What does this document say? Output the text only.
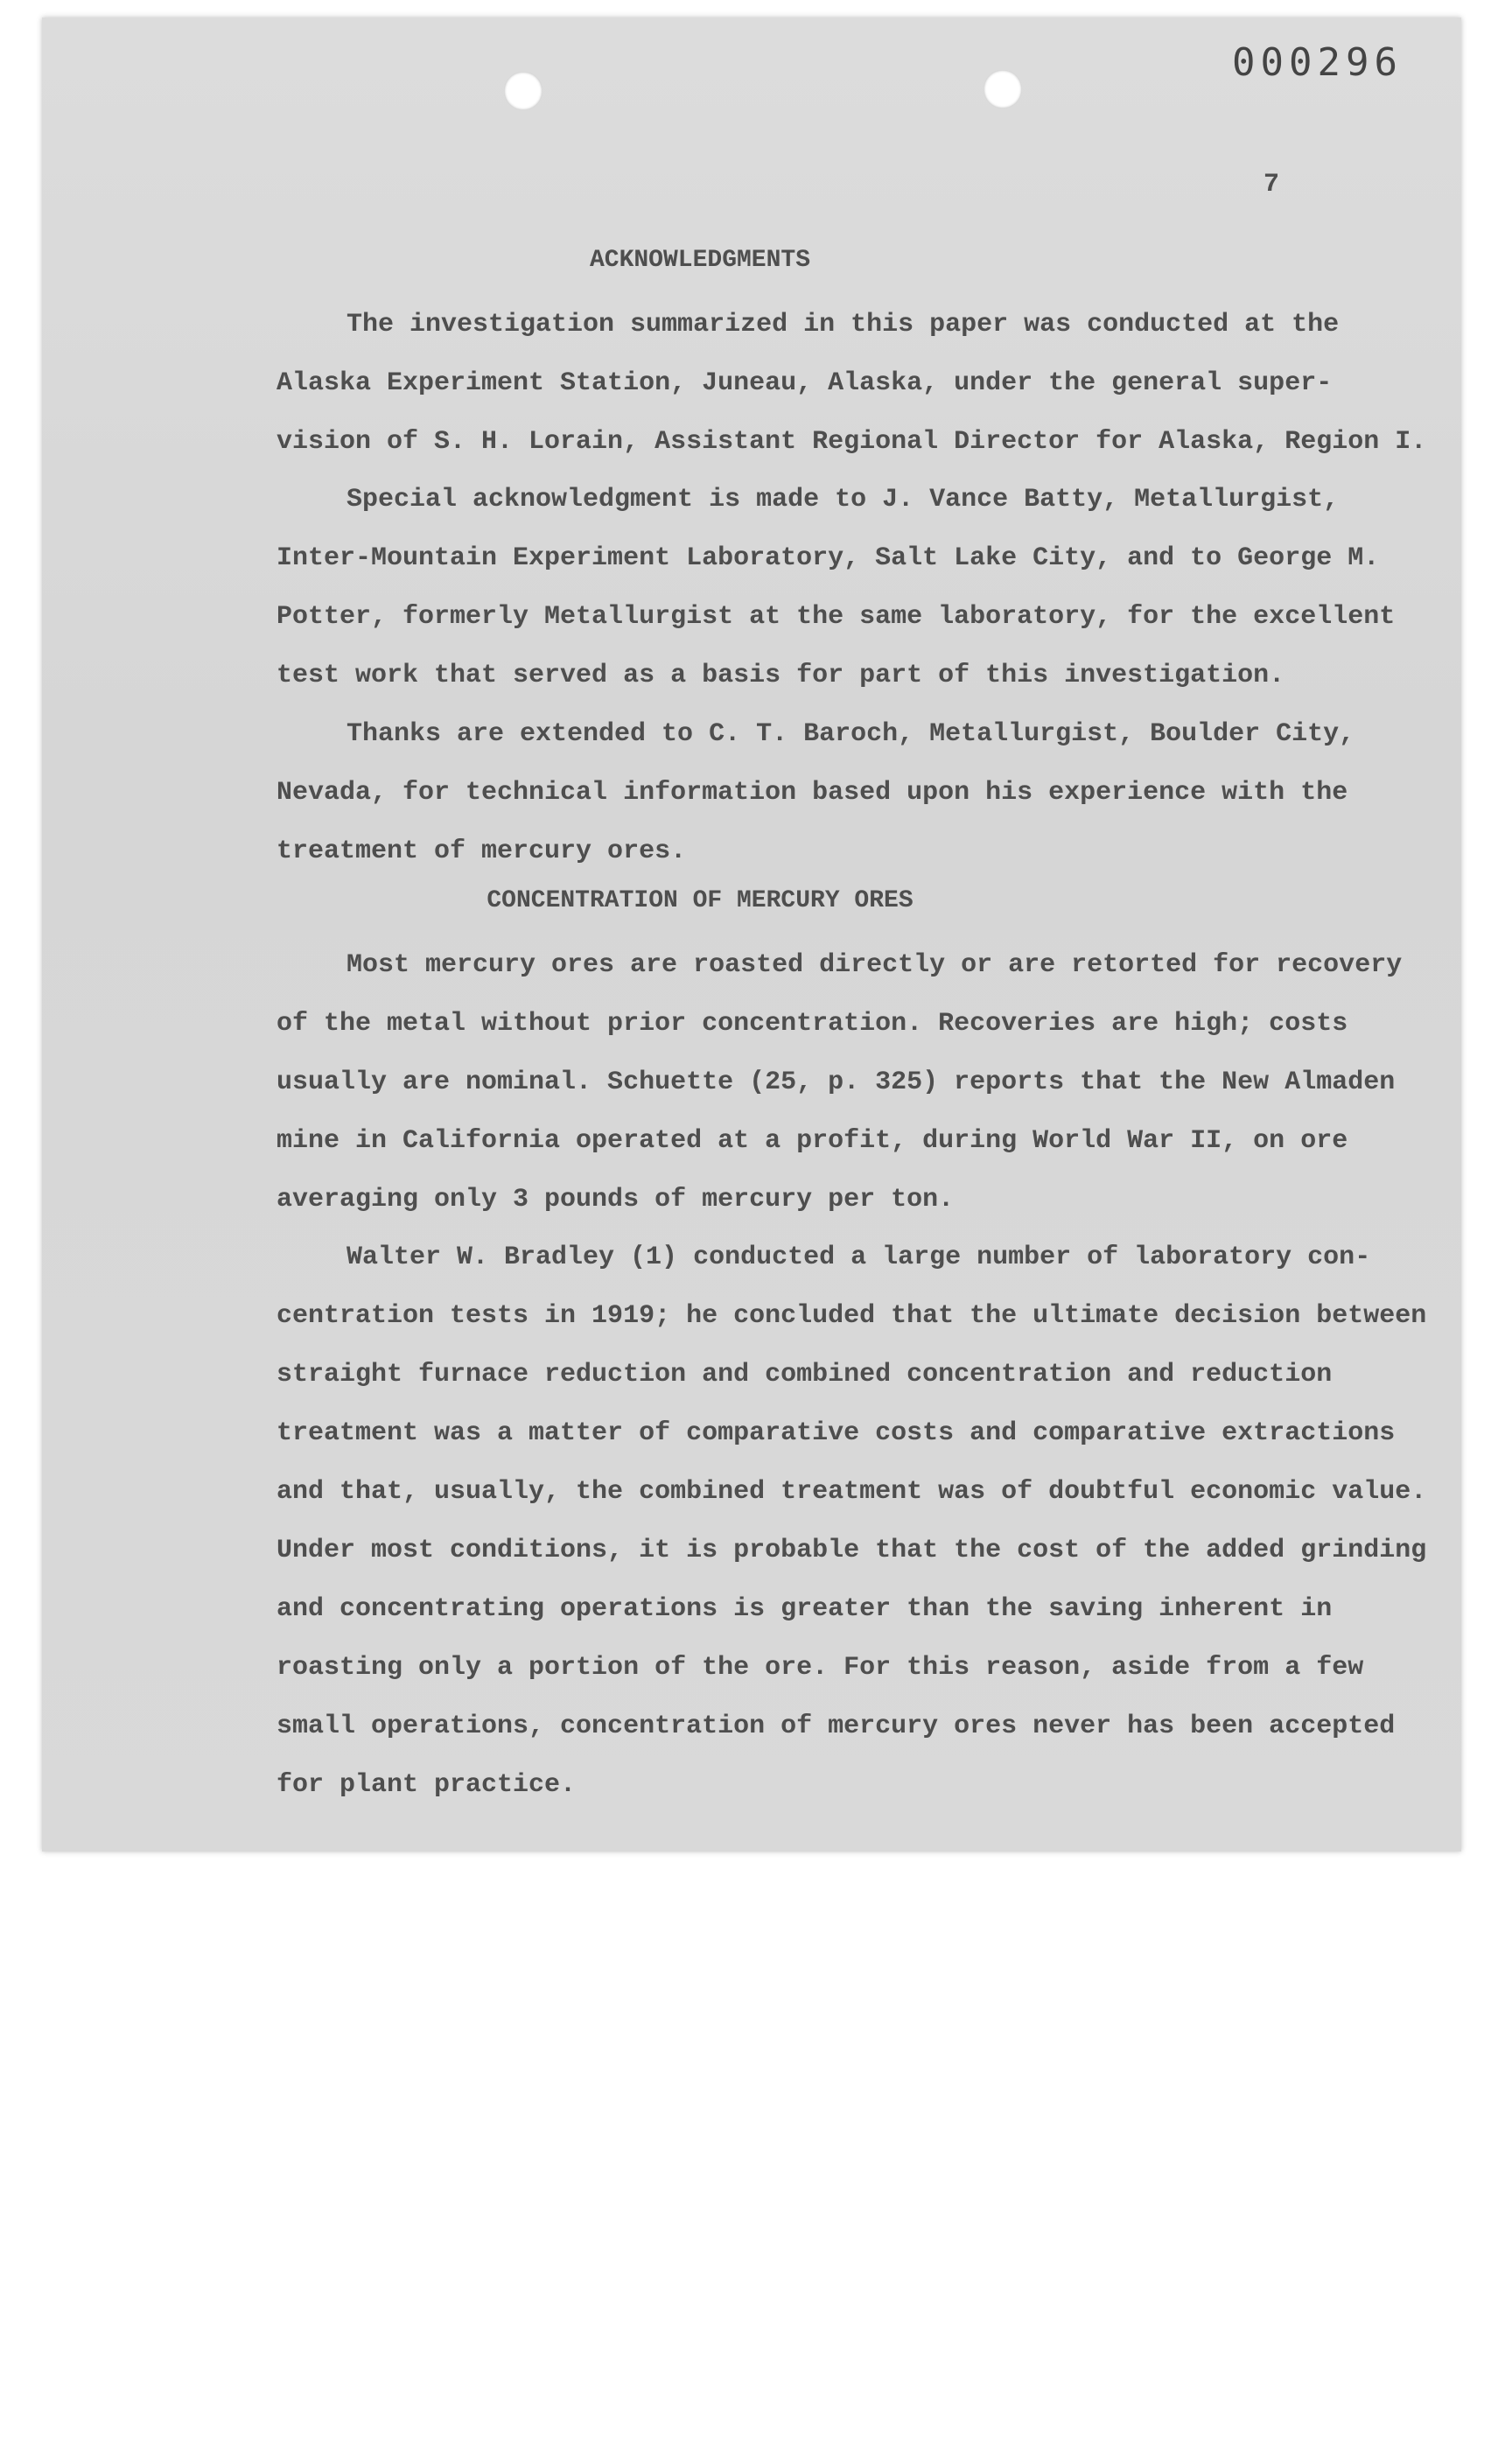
000296
7
ACKNOWLEDGMENTS
The investigation summarized in this paper was conducted at the
Alaska Experiment Station, Juneau, Alaska, under the general super-
vision of S. H. Lorain, Assistant Regional Director for Alaska, Region I.
Special acknowledgment is made to J. Vance Batty, Metallurgist,
Inter-Mountain Experiment Laboratory, Salt Lake City, and to George M.
Potter, formerly Metallurgist at the same laboratory, for the excellent
test work that served as a basis for part of this investigation.
Thanks are extended to C. T. Baroch, Metallurgist, Boulder City,
Nevada, for technical information based upon his experience with the
treatment of mercury ores.
CONCENTRATION OF MERCURY ORES
Most mercury ores are roasted directly or are retorted for recovery
of the metal without prior concentration. Recoveries are high; costs
usually are nominal. Schuette (25, p. 325) reports that the New Almaden
mine in California operated at a profit, during World War II, on ore
averaging only 3 pounds of mercury per ton.
Walter W. Bradley (1) conducted a large number of laboratory con-
centration tests in 1919; he concluded that the ultimate decision between
straight furnace reduction and combined concentration and reduction
treatment was a matter of comparative costs and comparative extractions
and that, usually, the combined treatment was of doubtful economic value.
Under most conditions, it is probable that the cost of the added grinding
and concentrating operations is greater than the saving inherent in
roasting only a portion of the ore. For this reason, aside from a few
small operations, concentration of mercury ores never has been accepted
for plant practice.
